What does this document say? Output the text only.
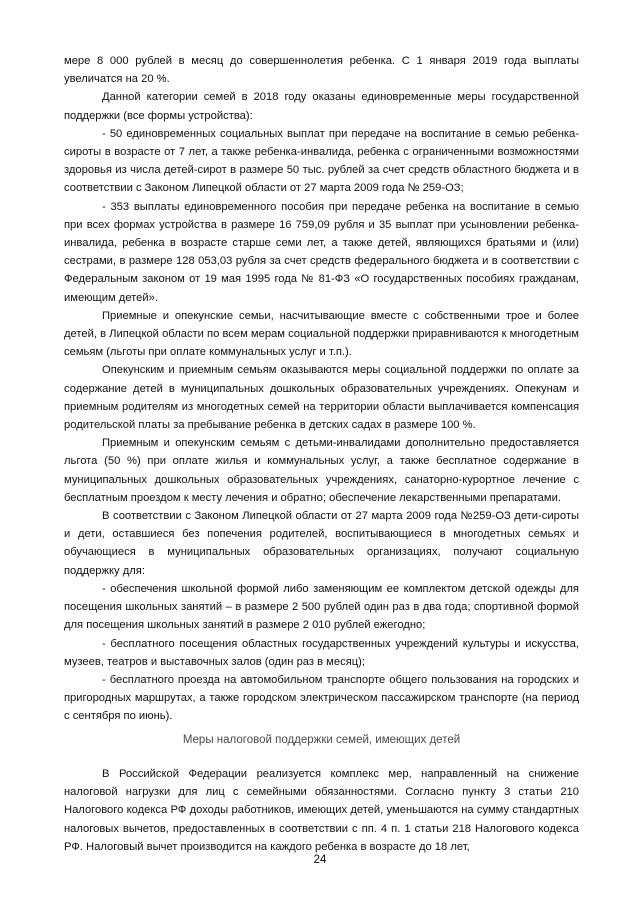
мере 8 000 рублей в месяц до совершеннолетия ребенка. С 1 января 2019 года выплаты увеличатся на 20 %.

Данной категории семей в 2018 году оказаны единовременные меры государственной поддержки (все формы устройства):

- 50 единовременных социальных выплат при передаче на воспитание в семью ребенка-сироты в возрасте от 7 лет, а также ребенка-инвалида, ребенка с ограниченными возможностями здоровья из числа детей-сирот в размере 50 тыс. рублей за счет средств областного бюджета и в соответствии с Законом Липецкой области от 27 марта 2009 года № 259-ОЗ;

- 353 выплаты единовременного пособия при передаче ребенка на воспитание в семью при всех формах устройства в размере 16 759,09 рубля и 35 выплат при усыновлении ребенка-инвалида, ребенка в возрасте старше семи лет, а также детей, являющихся братьями и (или) сестрами, в размере 128 053,03 рубля за счет средств федерального бюджета и в соответствии с Федеральным законом от 19 мая 1995 года № 81-ФЗ «О государственных пособиях гражданам, имеющим детей».

Приемные и опекунские семьи, насчитывающие вместе с собственными трое и более детей, в Липецкой области по всем мерам социальной поддержки приравниваются к многодетным семьям (льготы при оплате коммунальных услуг и т.п.).

Опекунским и приемным семьям оказываются меры социальной поддержки по оплате за содержание детей в муниципальных дошкольных образовательных учреждениях. Опекунам и приемным родителям из многодетных семей на территории области выплачивается компенсация родительской платы за пребывание ребенка в детских садах в размере 100 %.

Приемным и опекунским семьям с детьми-инвалидами дополнительно предоставляется льгота (50 %) при оплате жилья и коммунальных услуг, а также бесплатное содержание в муниципальных дошкольных образовательных учреждениях, санаторно-курортное лечение с бесплатным проездом к месту лечения и обратно; обеспечение лекарственными препаратами.

В соответствии с Законом Липецкой области от 27 марта 2009 года №259-ОЗ дети-сироты и дети, оставшиеся без попечения родителей, воспитывающиеся в многодетных семьях и обучающиеся в муниципальных образовательных организациях, получают социальную поддержку для:

- обеспечения школьной формой либо заменяющим ее комплектом детской одежды для посещения школьных занятий – в размере 2 500 рублей один раз в два года; спортивной формой для посещения школьных занятий в размере 2 010 рублей ежегодно;

- бесплатного посещения областных государственных учреждений культуры и искусства, музеев, театров и выставочных залов (один раз в месяц);

- бесплатного проезда на автомобильном транспорте общего пользования на городских и пригородных маршрутах, а также городском электрическом пассажирском транспорте (на период с сентября по июнь).

Меры налоговой поддержки семей, имеющих детей

В Российской Федерации реализуется комплекс мер, направленный на снижение налоговой нагрузки для лиц с семейными обязанностями. Согласно пункту 3 статьи 210 Налогового кодекса РФ доходы работников, имеющих детей, уменьшаются на сумму стандартных налоговых вычетов, предоставленных в соответствии с пп. 4 п. 1 статьи 218 Налогового кодекса РФ. Налоговый вычет производится на каждого ребенка в возрасте до 18 лет,

24
